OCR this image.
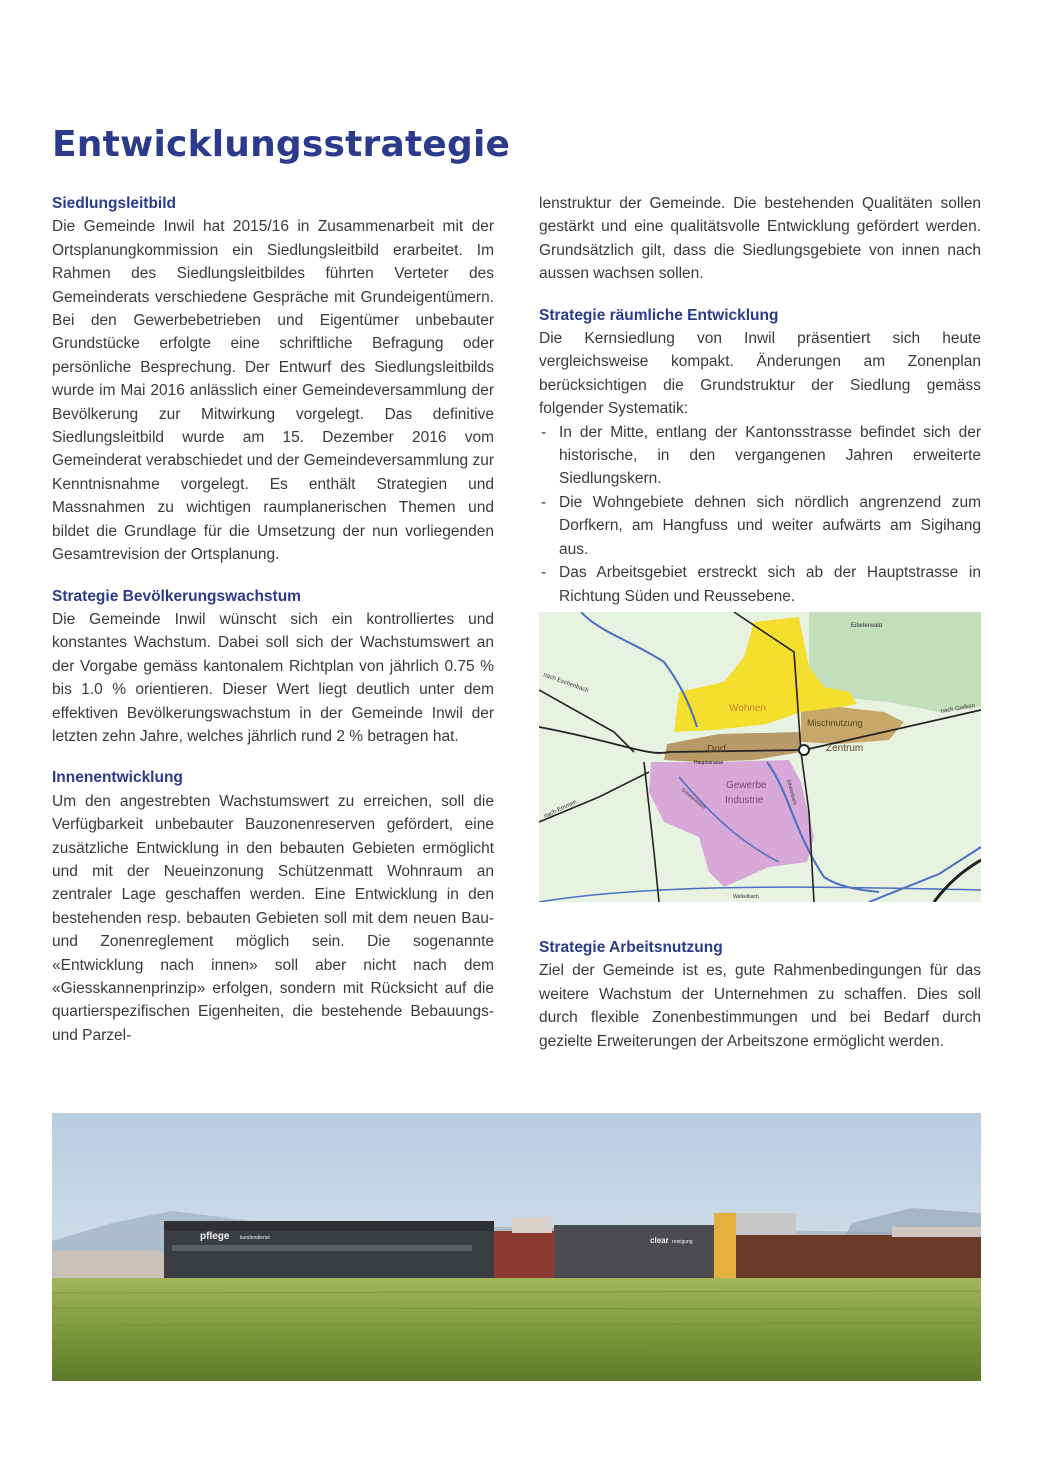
Entwicklungsstrategie
Siedlungsleitbild

Die Gemeinde Inwil hat 2015/16 in Zusammenarbeit mit der Ortsplanungkommission ein Siedlungsleitbild erarbeitet. Im Rahmen des Siedlungsleitbildes führten Verteter des Gemeinderats verschiedene Gespräche mit Grundeigentümern. Bei den Gewerbebetrieben und Eigentümer unbebauter Grundstücke erfolgte eine schriftliche Befragung oder persönliche Besprechung. Der Entwurf des Siedlungsleitbilds wurde im Mai 2016 anlässlich einer Gemeindeversammlung der Bevölkerung zur Mitwirkung vorgelegt. Das definitive Siedlungsleitbild wurde am 15. Dezember 2016 vom Gemeinderat verabschiedet und der Gemeindeversammlung zur Kenntnisnahme vorgelegt. Es enthält Strategien und Massnahmen zu wichtigen raumplanerischen Themen und bildet die Grundlage für die Umsetzung der nun vorliegenden Gesamtrevision der Ortsplanung.

Strategie Bevölkerungswachstum

Die Gemeinde Inwil wünscht sich ein kontrolliertes und konstantes Wachstum. Dabei soll sich der Wachstumswert an der Vorgabe gemäss kantonalem Richtplan von jährlich 0.75 % bis 1.0 % orientieren. Dieser Wert liegt deutlich unter dem effektiven Bevölkerungswachstum in der Gemeinde Inwil der letzten zehn Jahre, welches jährlich rund 2 % betragen hat.

Innenentwicklung

Um den angestrebten Wachstumswert zu erreichen, soll die Verfügbarkeit unbebauter Bauzonenreserven gefördert, eine zusätzliche Entwicklung in den bebauten Gebieten ermöglicht und mit der Neueinzonung Schützenmatt Wohnraum an zentraler Lage geschaffen werden. Eine Entwicklung in den bestehenden resp. bebauten Gebieten soll mit dem neuen Bau- und Zonenreglement möglich sein. Die sogenannte «Entwicklung nach innen» soll aber nicht nach dem «Giesskannenprinzip» erfolgen, sondern mit Rücksicht auf die quartierspezifischen Eigenheiten, die bestehende Bebauungs- und Parzel-

lenstruktur der Gemeinde. Die bestehenden Qualitäten sollen gestärkt und eine qualitätsvolle Entwicklung gefördert werden. Grundsätzlich gilt, dass die Siedlungsgebiete von innen nach aussen wachsen sollen.

Strategie räumliche Entwicklung

Die Kernsiedlung von Inwil präsentiert sich heute vergleichsweise kompakt. Änderungen am Zonenplan berücksichtigen die Grundstruktur der Siedlung gemäss folgender Systematik:

- In der Mitte, entlang der Kantonsstrasse befindet sich der historische, in den vergangenen Jahren erweiterte Siedlungskern.
- Die Wohngebiete dehnen sich nördlich angrenzend zum Dorfkern, am Hangfuss und weiter aufwärts am Sigihang aus.
- Das Arbeitsgebiet erstreckt sich ab der Hauptstrasse in Richtung Süden und Reussebene.
Eibelerwald
nach Eschenbach
nach Gisikon
nach Emmen
Wohnen
Mischnutzung
Dorf	Zentrum
Hauptstrasse
Gewerbe
Industrie
Schwarzbach	Eibelerbach
Weikelbach
Strategie Arbeitsnutzung

Ziel der Gemeinde ist es, gute Rahmenbedingungen für das weitere Wachstum der Unternehmen zu schaffen. Dies soll durch flexible Zonenbestimmungen und bei Bedarf durch gezielte Erweiterungen der Arbeitszone ermöglicht werden.

pflege kundendienst	clear reinigung
